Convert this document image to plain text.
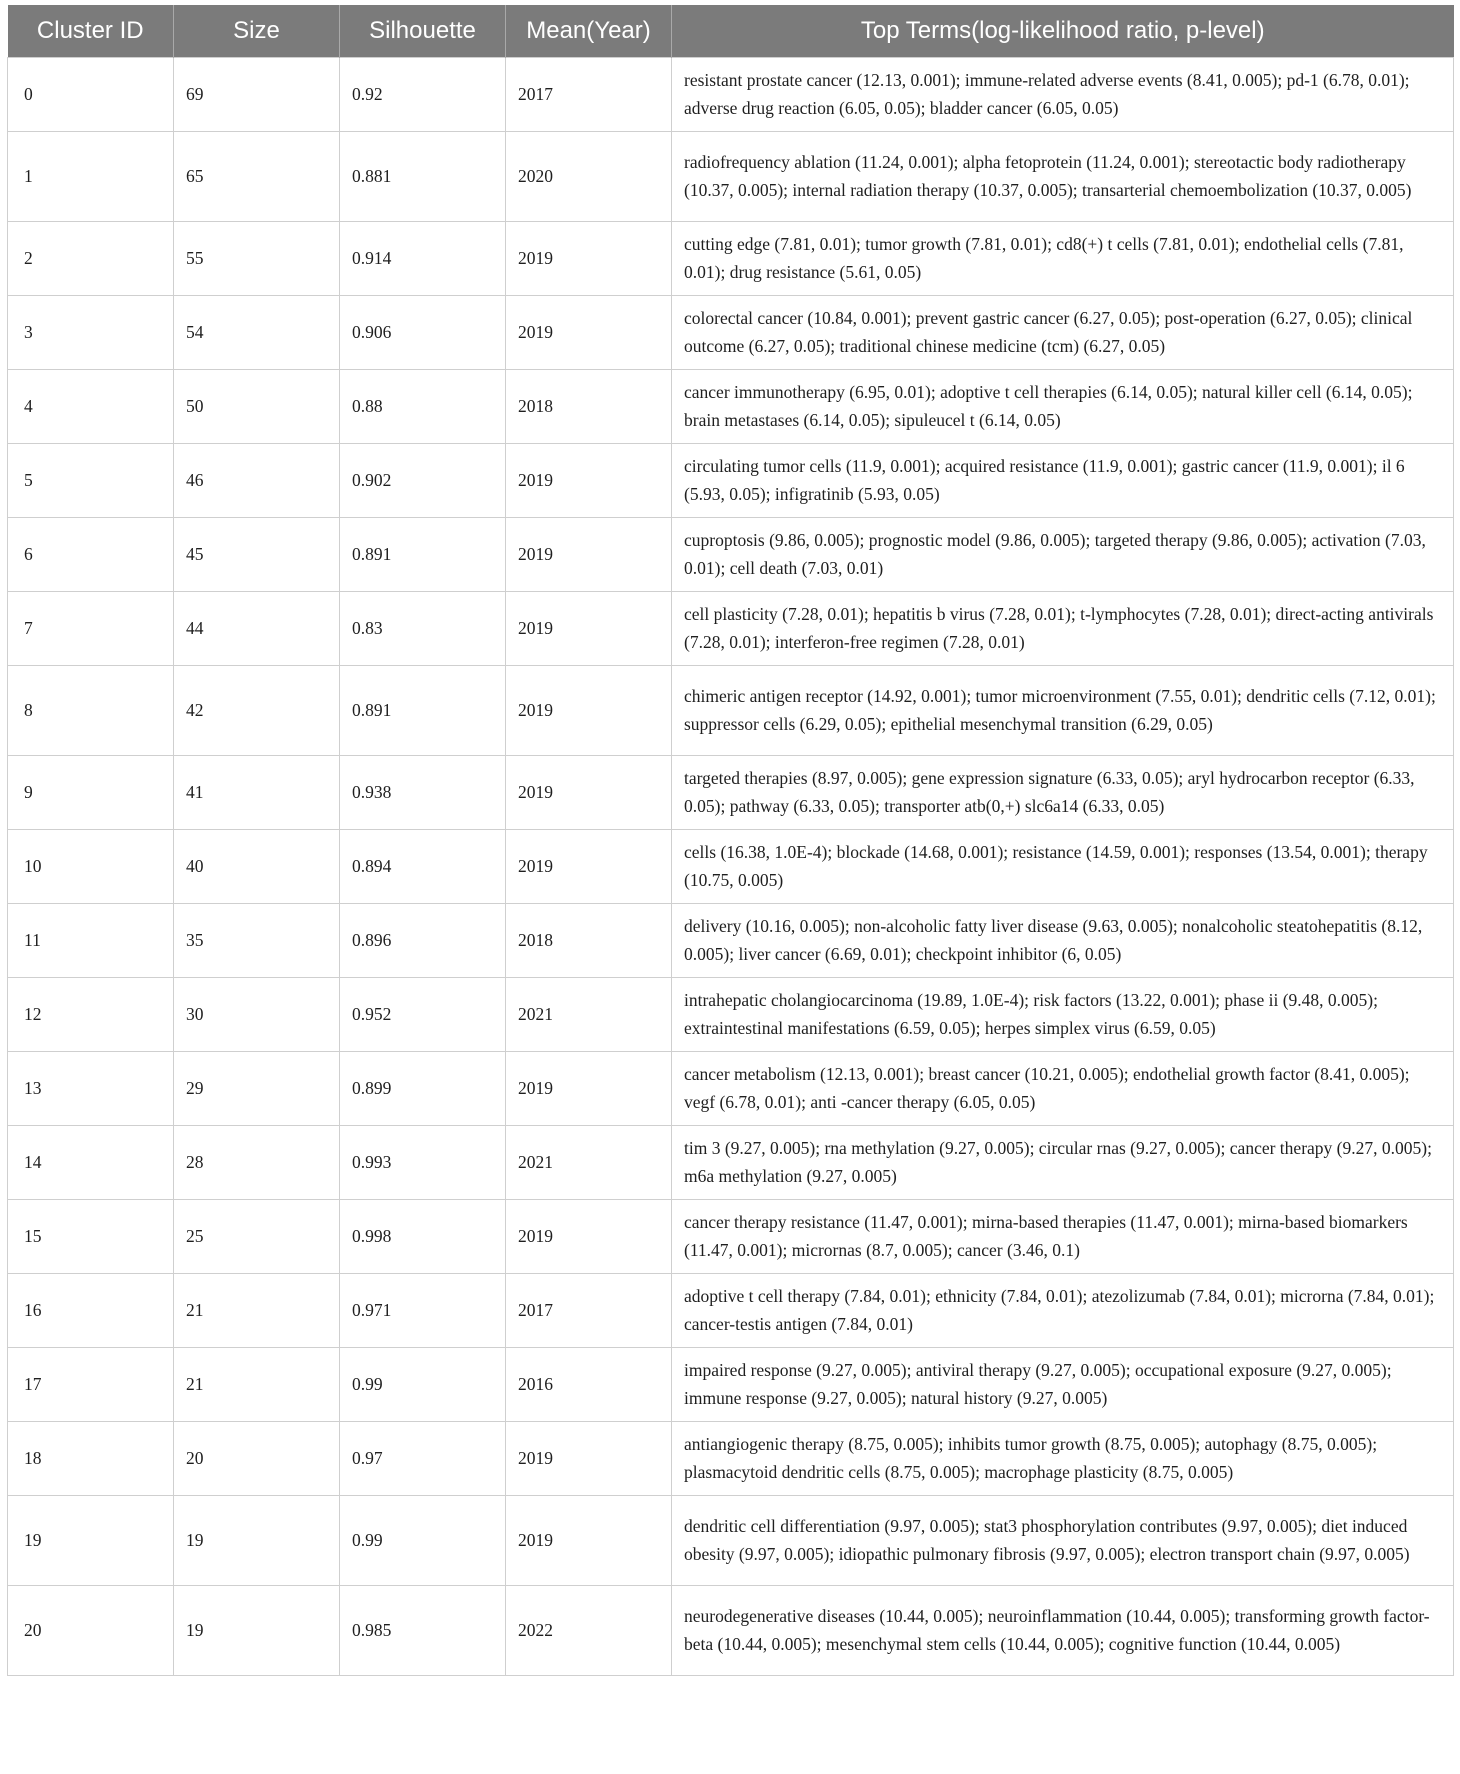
Cluster ID	Size	Silhouette	Mean(Year)	Top Terms(log-likelihood ratio, p-level)
0	69	0.92	2017	resistant prostate cancer (12.13, 0.001); immune-related adverse events (8.41, 0.005); pd-1 (6.78, 0.01); adverse drug reaction (6.05, 0.05); bladder cancer (6.05, 0.05)
1	65	0.881	2020	radiofrequency ablation (11.24, 0.001); alpha fetoprotein (11.24, 0.001); stereotactic body radiotherapy (10.37, 0.005); internal radiation therapy (10.37, 0.005); transarterial chemoembolization (10.37, 0.005)
2	55	0.914	2019	cutting edge (7.81, 0.01); tumor growth (7.81, 0.01); cd8(+) t cells (7.81, 0.01); endothelial cells (7.81, 0.01); drug resistance (5.61, 0.05)
3	54	0.906	2019	colorectal cancer (10.84, 0.001); prevent gastric cancer (6.27, 0.05); post-operation (6.27, 0.05); clinical outcome (6.27, 0.05); traditional chinese medicine (tcm) (6.27, 0.05)
4	50	0.88	2018	cancer immunotherapy (6.95, 0.01); adoptive t cell therapies (6.14, 0.05); natural killer cell (6.14, 0.05); brain metastases (6.14, 0.05); sipuleucel t (6.14, 0.05)
5	46	0.902	2019	circulating tumor cells (11.9, 0.001); acquired resistance (11.9, 0.001); gastric cancer (11.9, 0.001); il 6 (5.93, 0.05); infigratinib (5.93, 0.05)
6	45	0.891	2019	cuproptosis (9.86, 0.005); prognostic model (9.86, 0.005); targeted therapy (9.86, 0.005); activation (7.03, 0.01); cell death (7.03, 0.01)
7	44	0.83	2019	cell plasticity (7.28, 0.01); hepatitis b virus (7.28, 0.01); t-lymphocytes (7.28, 0.01); direct-acting antivirals (7.28, 0.01); interferon-free regimen (7.28, 0.01)
8	42	0.891	2019	chimeric antigen receptor (14.92, 0.001); tumor microenvironment (7.55, 0.01); dendritic cells (7.12, 0.01); suppressor cells (6.29, 0.05); epithelial mesenchymal transition (6.29, 0.05)
9	41	0.938	2019	targeted therapies (8.97, 0.005); gene expression signature (6.33, 0.05); aryl hydrocarbon receptor (6.33, 0.05); pathway (6.33, 0.05); transporter atb(0,+) slc6a14 (6.33, 0.05)
10	40	0.894	2019	cells (16.38, 1.0E-4); blockade (14.68, 0.001); resistance (14.59, 0.001); responses (13.54, 0.001); therapy (10.75, 0.005)
11	35	0.896	2018	delivery (10.16, 0.005); non-alcoholic fatty liver disease (9.63, 0.005); nonalcoholic steatohepatitis (8.12, 0.005); liver cancer (6.69, 0.01); checkpoint inhibitor (6, 0.05)
12	30	0.952	2021	intrahepatic cholangiocarcinoma (19.89, 1.0E-4); risk factors (13.22, 0.001); phase ii (9.48, 0.005); extraintestinal manifestations (6.59, 0.05); herpes simplex virus (6.59, 0.05)
13	29	0.899	2019	cancer metabolism (12.13, 0.001); breast cancer (10.21, 0.005); endothelial growth factor (8.41, 0.005); vegf (6.78, 0.01); anti -cancer therapy (6.05, 0.05)
14	28	0.993	2021	tim 3 (9.27, 0.005); rna methylation (9.27, 0.005); circular rnas (9.27, 0.005); cancer therapy (9.27, 0.005); m6a methylation (9.27, 0.005)
15	25	0.998	2019	cancer therapy resistance (11.47, 0.001); mirna-based therapies (11.47, 0.001); mirna-based biomarkers (11.47, 0.001); micrornas (8.7, 0.005); cancer (3.46, 0.1)
16	21	0.971	2017	adoptive t cell therapy (7.84, 0.01); ethnicity (7.84, 0.01); atezolizumab (7.84, 0.01); microrna (7.84, 0.01); cancer-testis antigen (7.84, 0.01)
17	21	0.99	2016	impaired response (9.27, 0.005); antiviral therapy (9.27, 0.005); occupational exposure (9.27, 0.005); immune response (9.27, 0.005); natural history (9.27, 0.005)
18	20	0.97	2019	antiangiogenic therapy (8.75, 0.005); inhibits tumor growth (8.75, 0.005); autophagy (8.75, 0.005); plasmacytoid dendritic cells (8.75, 0.005); macrophage plasticity (8.75, 0.005)
19	19	0.99	2019	dendritic cell differentiation (9.97, 0.005); stat3 phosphorylation contributes (9.97, 0.005); diet induced obesity (9.97, 0.005); idiopathic pulmonary fibrosis (9.97, 0.005); electron transport chain (9.97, 0.005)
20	19	0.985	2022	neurodegenerative diseases (10.44, 0.005); neuroinflammation (10.44, 0.005); transforming growth factor-beta (10.44, 0.005); mesenchymal stem cells (10.44, 0.005); cognitive function (10.44, 0.005)
